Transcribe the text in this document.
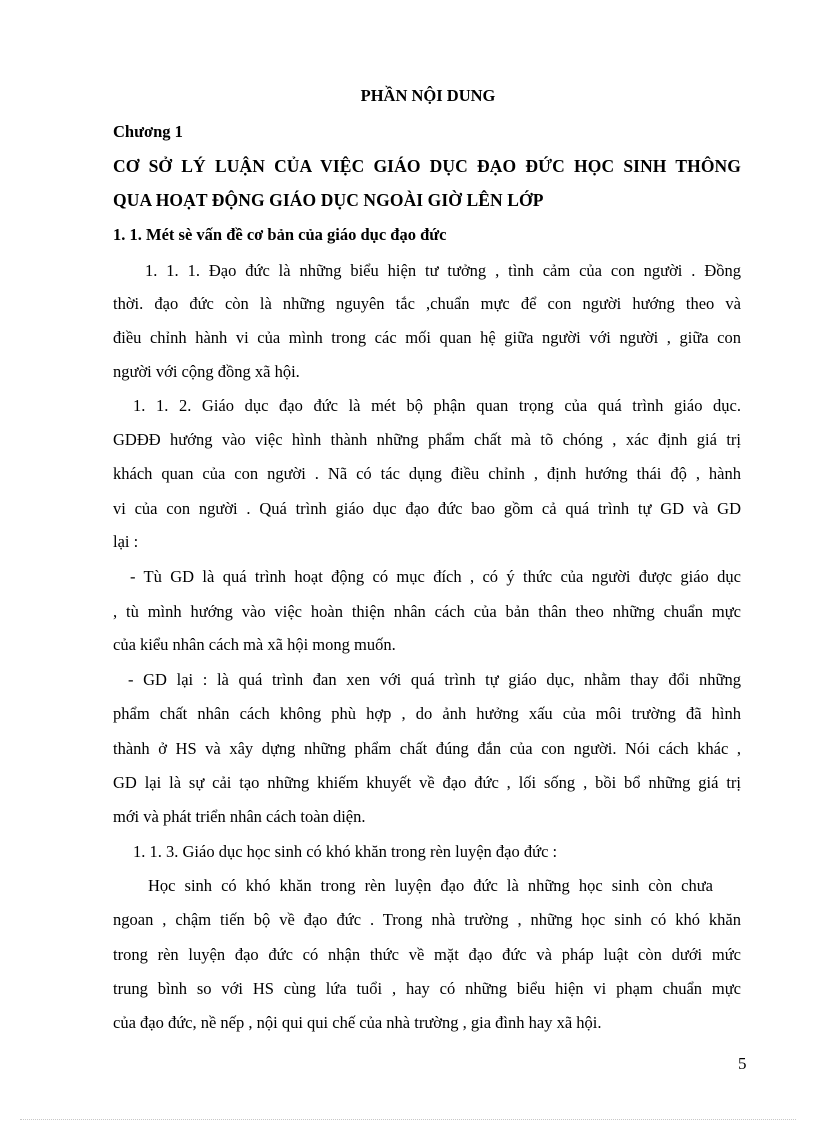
PHẦN NỘI DUNG
Chương 1
CƠ SỞ LÝ LUẬN CỦA VIỆC GIÁO DỤC ĐẠO ĐỨC HỌC SINH THÔNG
QUA HOẠT ĐỘNG GIÁO DỤC NGOÀI GIỜ LÊN LỚP
1. 1. Mét sè vấn đề cơ bản của giáo dục đạo đức
1. 1. 1. Đạo đức là những biểu hiện tư tưởng , tình cảm của con người . Đồng
thời. đạo đức còn là những nguyên tắc ,chuẩn mực để con người hướng theo và
điều chỉnh hành vi của mình trong các mối quan hệ giữa người với người , giữa con
người với cộng đồng xã hội.
1. 1. 2. Giáo dục đạo đức là mét bộ phận quan trọng của quá trình giáo dục.
GDĐĐ hướng vào việc hình thành những phẩm chất mà tõ chóng , xác định giá trị
khách quan của con người . Nã có tác dụng điều chỉnh , định hướng thái độ , hành
vi của con người . Quá trình giáo dục đạo đức bao gồm cả quá trình tự GD và GD
lại :
- Tù GD là quá trình hoạt động có mục đích , có ý thức của người được giáo dục
, tù mình hướng vào việc hoàn thiện nhân cách của bản thân theo những chuẩn mực
của kiểu nhân cách mà xã hội mong muốn.
- GD lại : là quá trình đan xen với quá trình tự giáo dục, nhằm thay đổi những
phẩm chất nhân cách không phù hợp , do ảnh hưởng xấu của môi trường đã hình
thành ở HS và xây dựng những phẩm chất đúng đắn của con người. Nói cách khác ,
GD lại là sự cải tạo những khiếm khuyết về đạo đức , lối sống , bồi bổ những giá trị
mới và phát triển nhân cách toàn diện.
1. 1. 3. Giáo dục học sinh có khó khăn trong rèn luyện đạo đức :
Học sinh có khó khăn trong rèn luyện đạo đức là những học sinh còn chưa
ngoan , chậm tiến bộ về đạo đức . Trong nhà trường , những học sinh có khó khăn
trong rèn luyện đạo đức có nhận thức về mặt đạo đức và pháp luật còn dưới mức
trung bình so với HS cùng lứa tuổi , hay có những biểu hiện vi phạm chuẩn mực
của đạo đức, nề nếp , nội qui qui chế của nhà trường , gia đình hay xã hội.
5
